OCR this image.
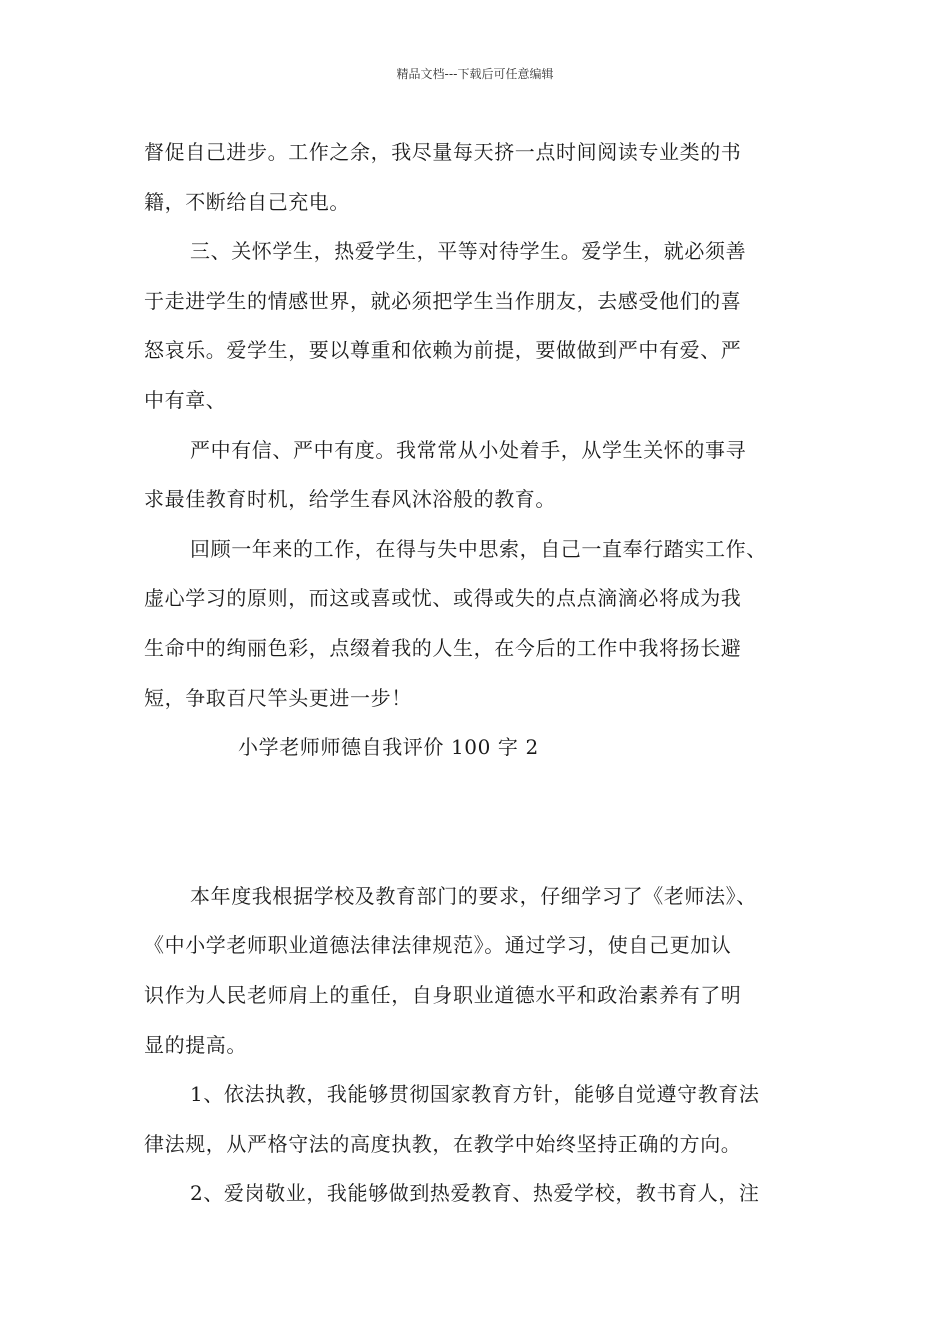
精品文档---下载后可任意编辑
督促自己进步。工作之余，我尽量每天挤一点时间阅读专业类的书
籍，不断给自己充电。
三、关怀学生，热爱学生，平等对待学生。爱学生，就必须善
于走进学生的情感世界，就必须把学生当作朋友，去感受他们的喜
怒哀乐。爱学生，要以尊重和依赖为前提，要做做到严中有爱、严
中有章、
严中有信、严中有度。我常常从小处着手，从学生关怀的事寻
求最佳教育时机，给学生春风沐浴般的教育。
回顾一年来的工作，在得与失中思索，自己一直奉行踏实工作、
虚心学习的原则，而这或喜或忧、或得或失的点点滴滴必将成为我
生命中的绚丽色彩，点缀着我的人生，在今后的工作中我将扬长避
短，争取百尺竿头更进一步！
小学老师师德自我评价 100 字 2
本年度我根据学校及教育部门的要求，仔细学习了《老师法》、
《中小学老师职业道德法律法律规范》。通过学习，使自己更加认
识作为人民老师肩上的重任，自身职业道德水平和政治素养有了明
显的提高。
1、依法执教，我能够贯彻国家教育方针，能够自觉遵守教育法
律法规，从严格守法的高度执教，在教学中始终坚持正确的方向。
2、爱岗敬业，我能够做到热爱教育、热爱学校，教书育人，注
